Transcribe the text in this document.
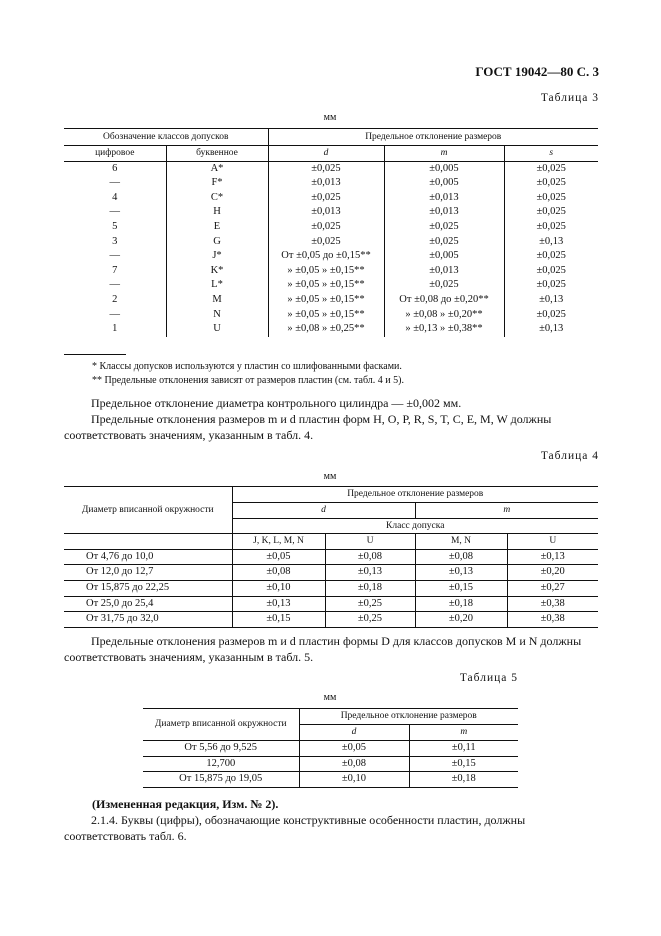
ГОСТ 19042—80 С. 3
Таблица 3
мм
Обозначение классов допусков		Предельное отклонение размеров		
цифровое	буквенное	d	m	s
6	A*	±0,025	±0,005	±0,025
—	F*	±0,013	±0,005	±0,025
4	C*	±0,025	±0,013	±0,025
—	H	±0,013	±0,013	±0,025
5	E	±0,025	±0,025	±0,025
3	G	±0,025	±0,025	±0,13
—	J*	От ±0,05 до ±0,15**	±0,005	±0,025
7	K*	» ±0,05 » ±0,15**	±0,013	±0,025
—	L*	» ±0,05 » ±0,15**	±0,025	±0,025
2	M	» ±0,05 » ±0,15**	От ±0,08 до ±0,20**	±0,13
—	N	» ±0,05 » ±0,15**	» ±0,08 » ±0,20**	±0,025
1	U	» ±0,08 » ±0,25**	» ±0,13 » ±0,38**	±0,13
* Классы допусков используются у пластин со шлифованными фасками.
** Предельные отклонения зависят от размеров пластин (см. табл. 4 и 5).
Предельное отклонение диаметра контрольного цилиндра — ±0,002 мм.
Предельные отклонения размеров m и d пластин форм H, O, P, R, S, T, C, E, M, W должны соответствовать значениям, указанным в табл. 4.
Таблица 4
мм
Диаметр вписанной окружности	Предельное отклонение размеров			
	d		m	
	Класс допуска			
	J, K, L, M, N	U	M, N	U
От 4,76 до 10,0	±0,05	±0,08	±0,08	±0,13
От 12,0 до 12,7	±0,08	±0,13	±0,13	±0,20
От 15,875 до 22,25	±0,10	±0,18	±0,15	±0,27
От 25,0 до 25,4	±0,13	±0,25	±0,18	±0,38
От 31,75 до 32,0	±0,15	±0,25	±0,20	±0,38
Предельные отклонения размеров m и d пластин формы D для классов допусков M и N должны соответствовать значениям, указанным в табл. 5.
Таблица 5
мм
Диаметр вписанной окружности	Предельное отклонение размеров	
	d	m
От 5,56 до 9,525	±0,05	±0,11
12,700	±0,08	±0,15
От 15,875 до 19,05	±0,10	±0,18
(Измененная редакция, Изм. № 2).
2.1.4. Буквы (цифры), обозначающие конструктивные особенности пластин, должны соответствовать табл. 6.
